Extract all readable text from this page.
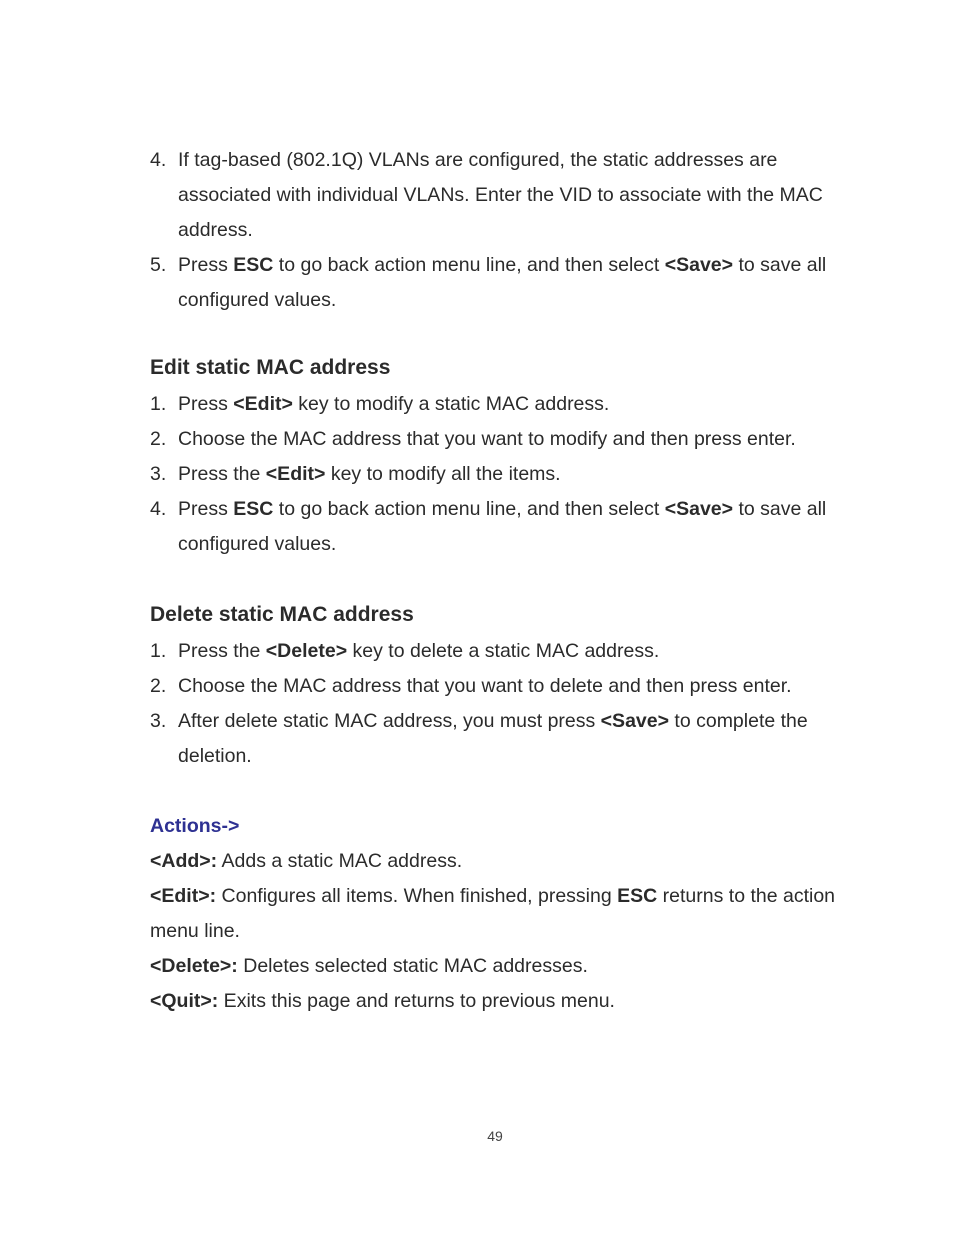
4. If tag-based (802.1Q) VLANs are configured, the static addresses are associated with individual VLANs. Enter the VID to associate with the MAC address.
5. Press ESC to go back action menu line, and then select <Save> to save all configured values.
Edit static MAC address
1. Press <Edit> key to modify a static MAC address.
2. Choose the MAC address that you want to modify and then press enter.
3. Press the <Edit> key to modify all the items.
4. Press ESC to go back action menu line, and then select <Save> to save all configured values.
Delete static MAC address
1. Press the <Delete> key to delete a static MAC address.
2. Choose the MAC address that you want to delete and then press enter.
3. After delete static MAC address, you must press <Save> to complete the deletion.
Actions->
<Add>: Adds a static MAC address.
<Edit>: Configures all items. When finished, pressing ESC returns to the action menu line.
<Delete>: Deletes selected static MAC addresses.
<Quit>: Exits this page and returns to previous menu.
49
